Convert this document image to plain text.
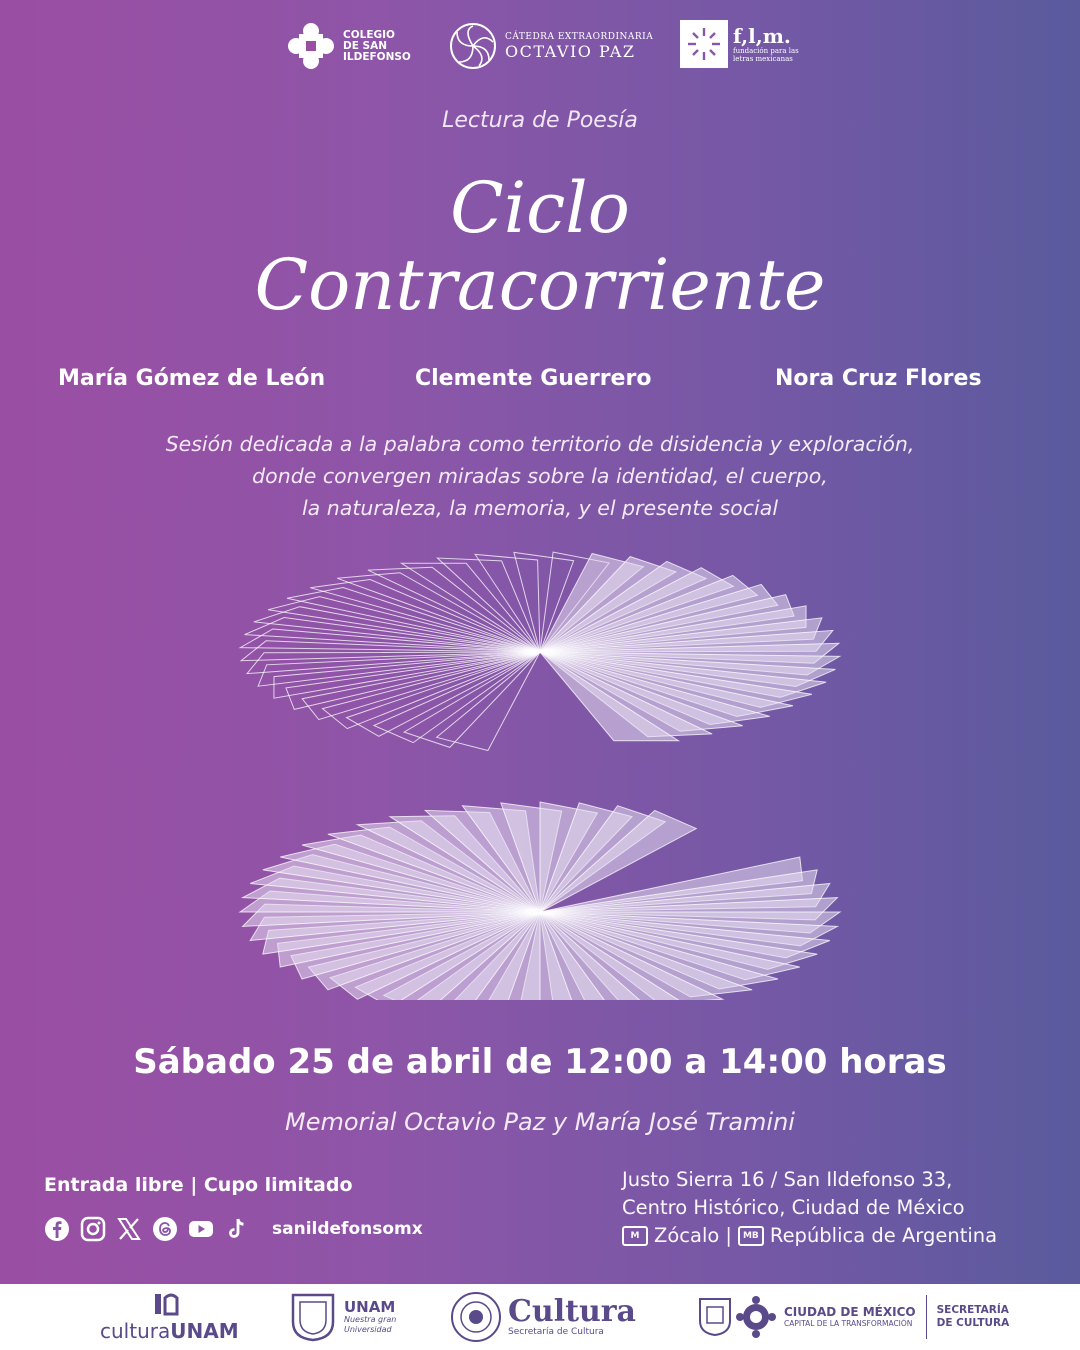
COLEGIO
DE SAN
ILDEFONSO
CÁTEDRA EXTRAORDINARIA
OCTAVIO PAZ
f,l,m.
fundación para las
letras mexicanas
Lectura de Poesía
Ciclo
Contracorriente
María Gómez de León	Clemente Guerrero	Nora Cruz Flores
Sesión dedicada a la palabra como territorio de disidencia y exploración,
donde convergen miradas sobre la identidad, el cuerpo,
la naturaleza, la memoria, y el presente social
Sábado 25 de abril de 12:00 a 14:00 horas
Memorial Octavio Paz y María José Tramini
Entrada libre | Cupo limitado
sanildefonsomx
Justo Sierra 16 / San Ildefonso 33,
Centro Histórico, Ciudad de México
M Zócalo |	MB República de Argentina
culturaUNAM
UNAM
Nuestra gran
Universidad
Cultura
Secretaría de Cultura
CIUDAD DE MÉXICO
CAPITAL DE LA TRANSFORMACIÓN
SECRETARÍA
DE CULTURA
